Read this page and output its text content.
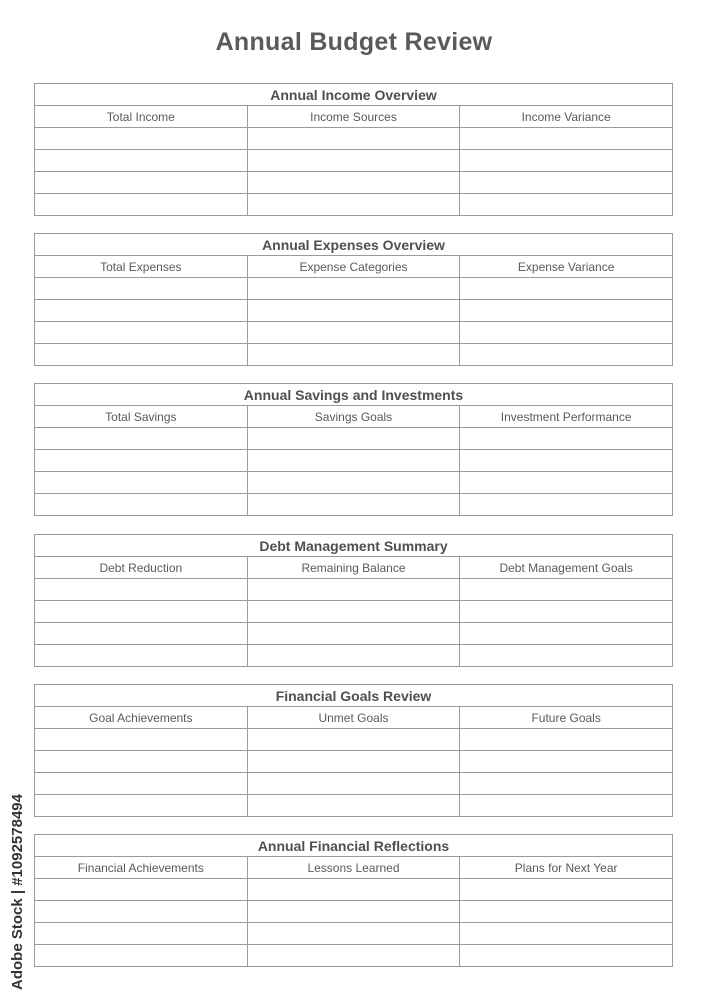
Annual Budget Review
Annual Income Overview		
Total Income	Income Sources	Income Variance

Annual Expenses Overview		
Total Expenses	Expense Categories	Expense Variance

Annual Savings and Investments		
Total Savings	Savings Goals	Investment Performance

Debt Management Summary		
Debt Reduction	Remaining Balance	Debt Management Goals

Financial Goals Review		
Goal Achievements	Unmet Goals	Future Goals

Annual Financial Reflections		
Financial Achievements	Lessons Learned	Plans for Next Year

Adobe Stock | #1092578494
